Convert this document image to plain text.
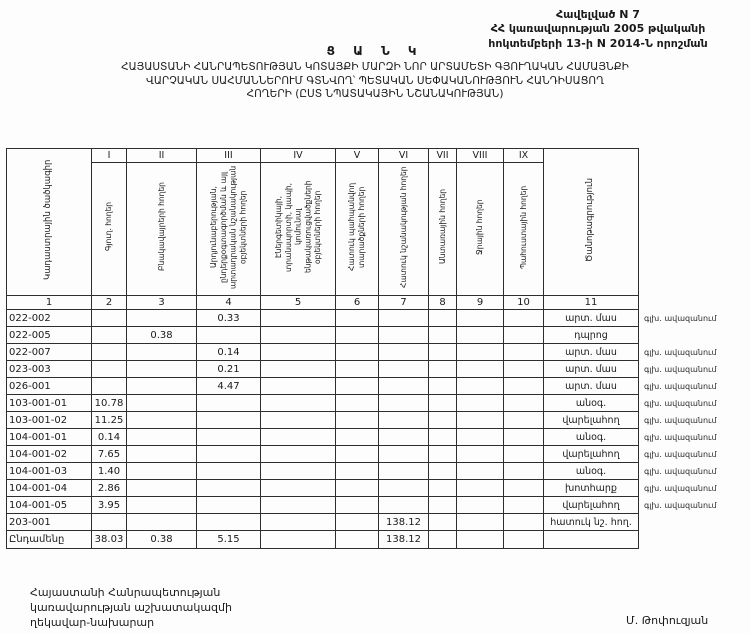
Հավելված N 7
ՀՀ կառավարության 2005 թվականի
հոկտեմբերի 13-ի N 2014-Ն որոշման
Ց Ա Ն Կ
ՀԱՅԱՍՏԱՆԻ ՀԱՆՐԱՊԵՏՈՒԹՅԱՆ ԿՈՏԱՅՔԻ ՄԱՐԶԻ ՆՈՐ ԱՐՏԱՄԵՏԻ ԳՅՈՒՂԱԿԱՆ ՀԱՄԱՅՆՔԻ
ՎԱՐՉԱԿԱՆ ՍԱՀՄԱՆՆԵՐՈՒՄ ԳՏՆՎՈՂ՝ ՊԵՏԱԿԱՆ ՍԵՓԱԿԱՆՈՒԹՅՈՒՆ ՀԱՆԴԻՍԱՑՈՂ
ՀՈՂԵՐԻ (ԸՍՏ ՆՊԱՏԱԿԱՅԻՆ ՆՇԱՆԱԿՈՒԹՅԱՆ)
Կադաստրային ծածկագիր	I	II	III	IV	V	VI	VII	VIII	IX	Ծանոթագրություն	
	Գյուղ. հողեր	Բնակավայրերի հողեր	Արդյունաբերության, ընդերքօգտագործման և այլ արտադրական նշանակության օբյեկտների հողեր	Էներգետիկայի, տրանսպորտի, կապի, կոմունալ ենթակառուցվածքների օբյեկտների հողեր	Հատուկ պահպանվող տարածքների հողեր	Հատուկ նշանակության հողեր	Անտառային հողեր	Ջրային հողեր	Պահուստային հողեր		
1	2	3	4	5	6	7	8	9	10	11	
022-002			0.33							արտ. մաս	գլխ. ավազանում
022-005		0.38								դպրոց	
022-007			0.14							արտ. մաս	գլխ. ավազանում
023-003			0.21							արտ. մաս	գլխ. ավազանում
026-001			4.47							արտ. մաս	գլխ. ավազանում
103-001-01	10.78									անօգ.	գլխ. ավազանում
103-001-02	11.25									վարելահող	գլխ. ավազանում
104-001-01	0.14									անօգ.	գլխ. ավազանում
104-001-02	7.65									վարելահող	գլխ. ավազանում
104-001-03	1.40									անօգ.	գլխ. ավազանում
104-001-04	2.86									խոտհարք	գլխ. ավազանում
104-001-05	3.95									վարելահող	գլխ. ավազանում
203-001						138.12				հատուկ նշ. հող.	
Ընդամենը	38.03	0.38	5.15			138.12					
Հայաստանի Հանրապետության
կառավարության աշխատակազմի
ղեկավար-նախարար	Մ. Թոփուզյան
